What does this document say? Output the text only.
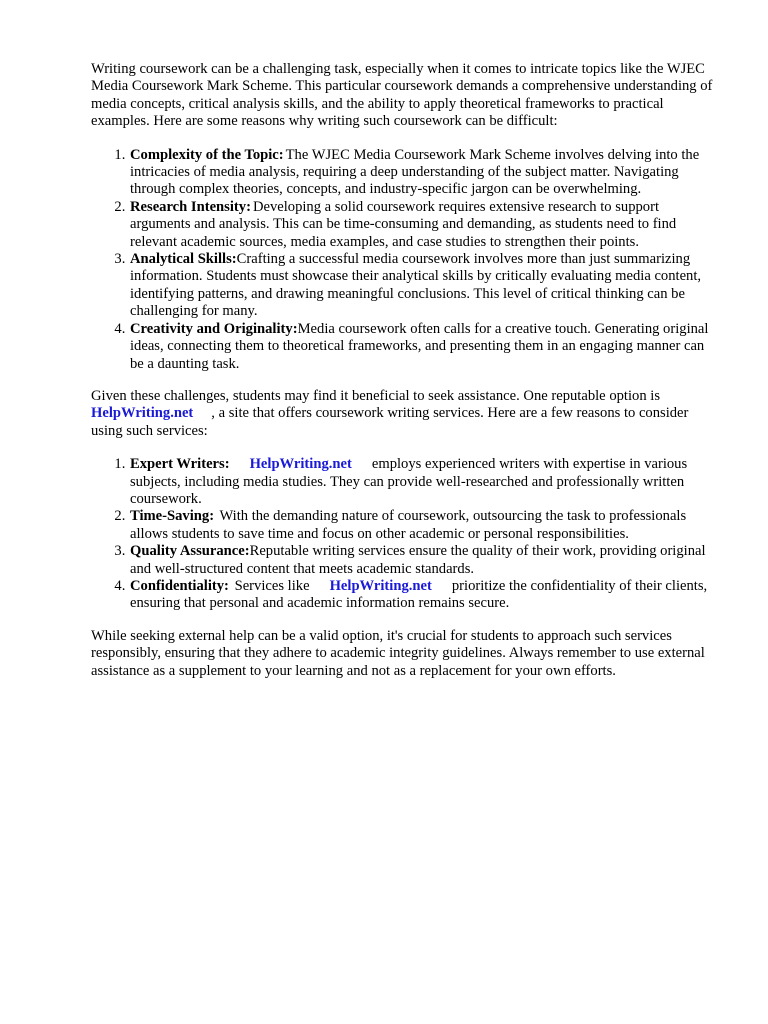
Writing coursework can be a challenging task, especially when it comes to intricate topics like the WJEC Media Coursework Mark Scheme. This particular coursework demands a comprehensive understanding of media concepts, critical analysis skills, and the ability to apply theoretical frameworks to practical examples. Here are some reasons why writing such coursework can be difficult:

1. Complexity of the Topic: The WJEC Media Coursework Mark Scheme involves delving into the intricacies of media analysis, requiring a deep understanding of the subject matter. Navigating through complex theories, concepts, and industry-specific jargon can be overwhelming.
2. Research Intensity: Developing a solid coursework requires extensive research to support arguments and analysis. This can be time-consuming and demanding, as students need to find relevant academic sources, media examples, and case studies to strengthen their points.
3. Analytical Skills:Crafting a successful media coursework involves more than just summarizing information. Students must showcase their analytical skills by critically evaluating media content, identifying patterns, and drawing meaningful conclusions. This level of critical thinking can be challenging for many.
4. Creativity and Originality:Media coursework often calls for a creative touch. Generating original ideas, connecting them to theoretical frameworks, and presenting them in an engaging manner can be a daunting task.

Given these challenges, students may find it beneficial to seek assistance. One reputable option is
HelpWriting.net , a site that offers coursework writing services. Here are a few reasons to consider using such services:

1. Expert Writers: HelpWriting.net employs experienced writers with expertise in various subjects, including media studies. They can provide well-researched and professionally written coursework.
2. Time-Saving: With the demanding nature of coursework, outsourcing the task to professionals allows students to save time and focus on other academic or personal responsibilities.
3. Quality Assurance:Reputable writing services ensure the quality of their work, providing original and well-structured content that meets academic standards.
4. Confidentiality: Services like HelpWriting.net prioritize the confidentiality of their clients, ensuring that personal and academic information remains secure.

While seeking external help can be a valid option, it's crucial for students to approach such services responsibly, ensuring that they adhere to academic integrity guidelines. Always remember to use external assistance as a supplement to your learning and not as a replacement for your own efforts.
